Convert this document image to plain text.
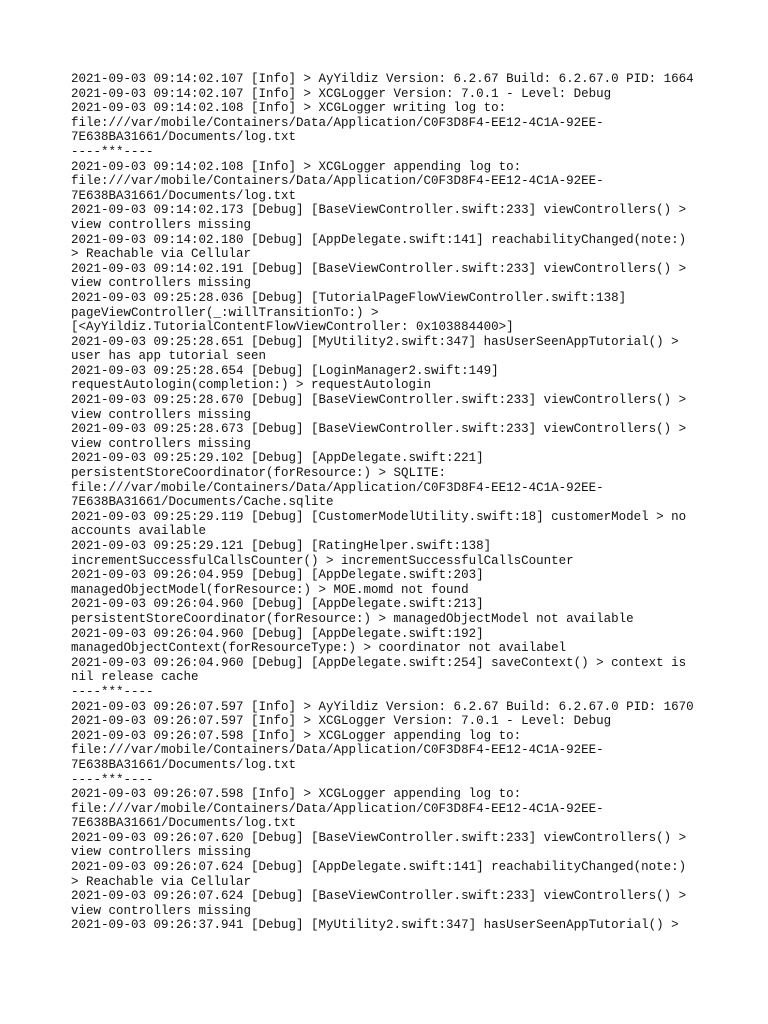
2021-09-03 09:14:02.107 [Info] > AyYildiz Version: 6.2.67 Build: 6.2.67.0 PID: 1664
2021-09-03 09:14:02.107 [Info] > XCGLogger Version: 7.0.1 - Level: Debug
2021-09-03 09:14:02.108 [Info] > XCGLogger writing log to:
file:///var/mobile/Containers/Data/Application/C0F3D8F4-EE12-4C1A-92EE-
7E638BA31661/Documents/log.txt
----***----
2021-09-03 09:14:02.108 [Info] > XCGLogger appending log to:
file:///var/mobile/Containers/Data/Application/C0F3D8F4-EE12-4C1A-92EE-
7E638BA31661/Documents/log.txt
2021-09-03 09:14:02.173 [Debug] [BaseViewController.swift:233] viewControllers() >
view controllers missing
2021-09-03 09:14:02.180 [Debug] [AppDelegate.swift:141] reachabilityChanged(note:)
> Reachable via Cellular
2021-09-03 09:14:02.191 [Debug] [BaseViewController.swift:233] viewControllers() >
view controllers missing
2021-09-03 09:25:28.036 [Debug] [TutorialPageFlowViewController.swift:138]
pageViewController(_:willTransitionTo:) >
[<AyYildiz.TutorialContentFlowViewController: 0x103884400>]
2021-09-03 09:25:28.651 [Debug] [MyUtility2.swift:347] hasUserSeenAppTutorial() >
user has app tutorial seen
2021-09-03 09:25:28.654 [Debug] [LoginManager2.swift:149]
requestAutologin(completion:) > requestAutologin
2021-09-03 09:25:28.670 [Debug] [BaseViewController.swift:233] viewControllers() >
view controllers missing
2021-09-03 09:25:28.673 [Debug] [BaseViewController.swift:233] viewControllers() >
view controllers missing
2021-09-03 09:25:29.102 [Debug] [AppDelegate.swift:221]
persistentStoreCoordinator(forResource:) > SQLITE:
file:///var/mobile/Containers/Data/Application/C0F3D8F4-EE12-4C1A-92EE-
7E638BA31661/Documents/Cache.sqlite
2021-09-03 09:25:29.119 [Debug] [CustomerModelUtility.swift:18] customerModel > no
accounts available
2021-09-03 09:25:29.121 [Debug] [RatingHelper.swift:138]
incrementSuccessfulCallsCounter() > incrementSuccessfulCallsCounter
2021-09-03 09:26:04.959 [Debug] [AppDelegate.swift:203]
managedObjectModel(forResource:) > MOE.momd not found
2021-09-03 09:26:04.960 [Debug] [AppDelegate.swift:213]
persistentStoreCoordinator(forResource:) > managedObjectModel not available
2021-09-03 09:26:04.960 [Debug] [AppDelegate.swift:192]
managedObjectContext(forResourceType:) > coordinator not availabel
2021-09-03 09:26:04.960 [Debug] [AppDelegate.swift:254] saveContext() > context is
nil release cache
----***----
2021-09-03 09:26:07.597 [Info] > AyYildiz Version: 6.2.67 Build: 6.2.67.0 PID: 1670
2021-09-03 09:26:07.597 [Info] > XCGLogger Version: 7.0.1 - Level: Debug
2021-09-03 09:26:07.598 [Info] > XCGLogger appending log to:
file:///var/mobile/Containers/Data/Application/C0F3D8F4-EE12-4C1A-92EE-
7E638BA31661/Documents/log.txt
----***----
2021-09-03 09:26:07.598 [Info] > XCGLogger appending log to:
file:///var/mobile/Containers/Data/Application/C0F3D8F4-EE12-4C1A-92EE-
7E638BA31661/Documents/log.txt
2021-09-03 09:26:07.620 [Debug] [BaseViewController.swift:233] viewControllers() >
view controllers missing
2021-09-03 09:26:07.624 [Debug] [AppDelegate.swift:141] reachabilityChanged(note:)
> Reachable via Cellular
2021-09-03 09:26:07.624 [Debug] [BaseViewController.swift:233] viewControllers() >
view controllers missing
2021-09-03 09:26:37.941 [Debug] [MyUtility2.swift:347] hasUserSeenAppTutorial() >
